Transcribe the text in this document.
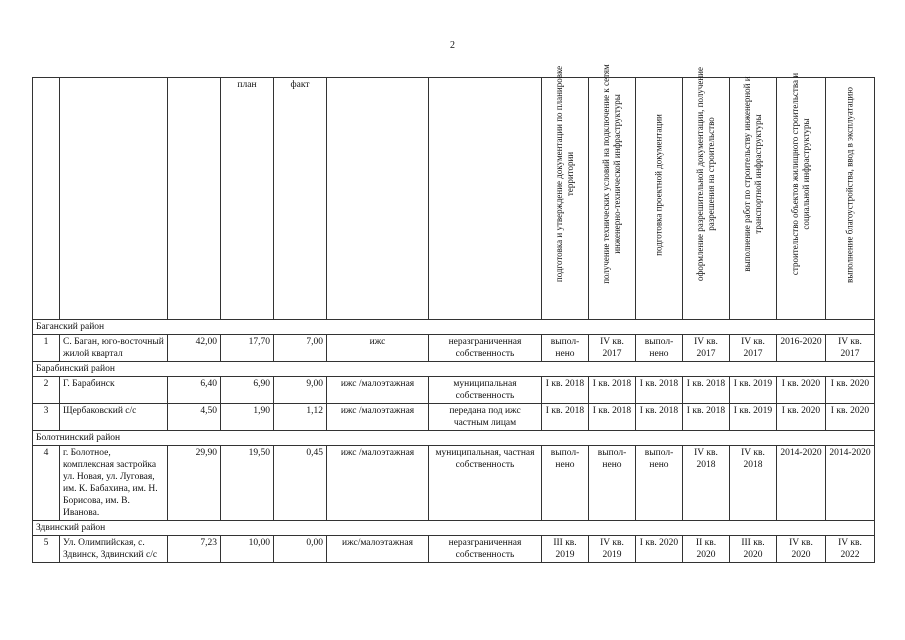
2
			план	факт			подготовка и утверждение документации по планировке территории	получение технических условий на подключение к сетям инженерно-технической инфраструктуры	подготовка проектной документации	оформление разрешительной документации, получение разрешения на строительство	выполнение работ по строительству инженерной и транспортной инфраструктуры	строительство объектов жилищного строительства и социальной инфраструктуры	выполнение благоустройства, ввод в эксплуатацию

Баганский район													
1	С. Баган, юго-восточный жилой квартал	42,00	17,70	7,00	ижс	неразграниченная собственность	выпол-нено	IV кв. 2017	выпол-нено	IV кв. 2017	IV кв. 2017	2016-2020	IV кв. 2017
Барабинский район													
2	Г. Барабинск	6,40	6,90	9,00	ижс /малоэтажная	муниципальная собственность	I кв. 2018	I кв. 2018	I кв. 2018	I кв. 2018	I кв. 2019	I кв. 2020	I кв. 2020
3	Щербаковский с/с	4,50	1,90	1,12	ижс /малоэтажная	передана под ижс частным лицам	I кв. 2018	I кв. 2018	I кв. 2018	I кв. 2018	I кв. 2019	I кв. 2020	I кв. 2020
Болотнинский район													
4	г. Болотное, комплексная застройка ул. Новая, ул. Луговая, им. К. Бабахина, им. Н. Борисова, им. В. Иванова.	29,90	19,50	0,45	ижс /малоэтажная	муниципальная, частная собственность	выпол-нено	выпол-нено	выпол-нено	IV кв. 2018	IV кв. 2018	2014-2020	2014-2020
Здвинский район													
5	Ул. Олимпийская, с. Здвинск, Здвинский с/с	7,23	10,00	0,00	ижс/малоэтажная	неразграниченная собственность	III кв. 2019	IV кв. 2019	I кв. 2020	II кв. 2020	III кв. 2020	IV кв. 2020	IV кв. 2022
